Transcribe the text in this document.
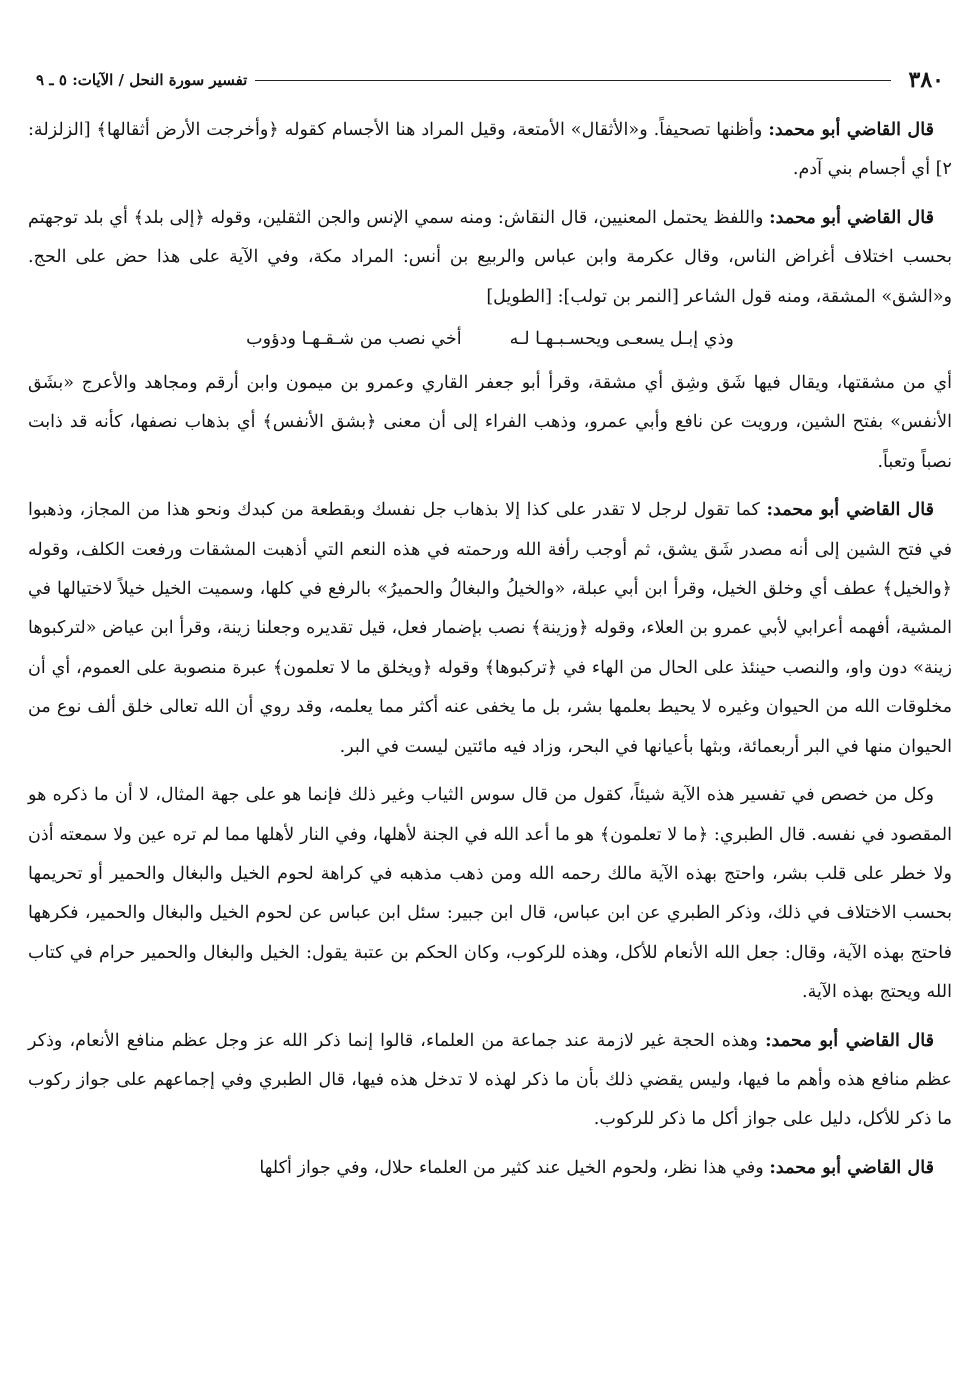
٣٨٠
تفسير سورة النحل / الآيات: ٥ ـ ٩

قال القاضي أبو محمد: وأظنها تصحيفاً. و«الأثقال» الأمتعة، وقيل المراد هنا الأجسام كقوله ﴿وأخرجت الأرض أثقالها﴾ [الزلزلة: ٢] أي أجسام بني آدم.

قال القاضي أبو محمد: واللفظ يحتمل المعنيين، قال النقاش: ومنه سمي الإنس والجن الثقلين، وقوله ﴿إلى بلد﴾ أي بلد توجهتم بحسب اختلاف أغراض الناس، وقال عكرمة وابن عباس والربيع بن أنس: المراد مكة، وفي الآية على هذا حض على الحج. و«الشق» المشقة، ومنه قول الشاعر [النمر بن تولب]: [الطويل]

وذي إبـل يسعـى ويحسـبـهـا لـه
أخي نصب من شـقـهـا ودؤوب

أي من مشقتها، ويقال فيها شَق وشِق أي مشقة، وقرأ أبو جعفر القاري وعمرو بن ميمون وابن أرقم ومجاهد والأعرج «بشَق الأنفس» بفتح الشين، ورويت عن نافع وأبي عمرو، وذهب الفراء إلى أن معنى ﴿بشق الأنفس﴾ أي بذهاب نصفها، كأنه قد ذابت نصباً وتعباً.

قال القاضي أبو محمد: كما تقول لرجل لا تقدر على كذا إلا بذهاب جل نفسك وبقطعة من كبدك ونحو هذا من المجاز، وذهبوا في فتح الشين إلى أنه مصدر شَق يشق، ثم أوجب رأفة الله ورحمته في هذه النعم التي أذهبت المشقات ورفعت الكلف، وقوله ﴿والخيل﴾ عطف أي وخلق الخيل، وقرأ ابن أبي عبلة، «والخيلُ والبغالُ والحميرُ» بالرفع في كلها، وسميت الخيل خيلاً لاختيالها في المشية، أفهمه أعرابي لأبي عمرو بن العلاء، وقوله ﴿وزينة﴾ نصب بإضمار فعل، قيل تقديره وجعلنا زينة، وقرأ ابن عياض «لتركبوها زينة» دون واو، والنصب حينئذ على الحال من الهاء في ﴿تركبوها﴾ وقوله ﴿ويخلق ما لا تعلمون﴾ عبرة منصوبة على العموم، أي أن مخلوقات الله من الحيوان وغيره لا يحيط بعلمها بشر، بل ما يخفى عنه أكثر مما يعلمه، وقد روي أن الله تعالى خلق ألف نوع من الحيوان منها في البر أربعمائة، وبثها بأعيانها في البحر، وزاد فيه مائتين ليست في البر.

وكل من خصص في تفسير هذه الآية شيئاً، كقول من قال سوس الثياب وغير ذلك فإنما هو على جهة المثال، لا أن ما ذكره هو المقصود في نفسه. قال الطبري: ﴿ما لا تعلمون﴾ هو ما أعد الله في الجنة لأهلها، وفي النار لأهلها مما لم تره عين ولا سمعته أذن ولا خطر على قلب بشر، واحتج بهذه الآية مالك رحمه الله ومن ذهب مذهبه في كراهة لحوم الخيل والبغال والحمير أو تحريمها بحسب الاختلاف في ذلك، وذكر الطبري عن ابن عباس، قال ابن جبير: سئل ابن عباس عن لحوم الخيل والبغال والحمير، فكرهها فاحتج بهذه الآية، وقال: جعل الله الأنعام للأكل، وهذه للركوب، وكان الحكم بن عتبة يقول: الخيل والبغال والحمير حرام في كتاب الله ويحتج بهذه الآية.

قال القاضي أبو محمد: وهذه الحجة غير لازمة عند جماعة من العلماء، قالوا إنما ذكر الله عز وجل عظم منافع الأنعام، وذكر عظم منافع هذه وأهم ما فيها، وليس يقضي ذلك بأن ما ذكر لهذه لا تدخل هذه فيها، قال الطبري وفي إجماعهم على جواز ركوب ما ذكر للأكل، دليل على جواز أكل ما ذكر للركوب.

قال القاضي أبو محمد: وفي هذا نظر، ولحوم الخيل عند كثير من العلماء حلال، وفي جواز أكلها
